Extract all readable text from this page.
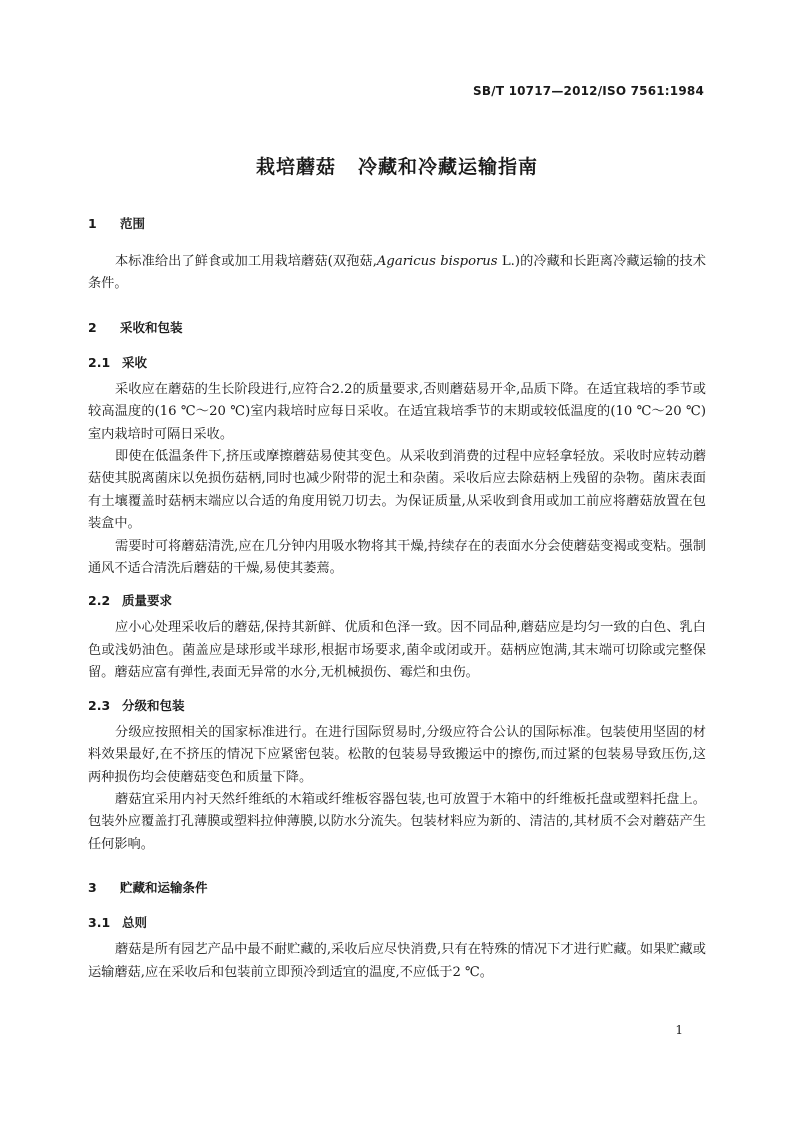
SB/T 10717—2012/ISO 7561:1984
栽培蘑菇 冷藏和冷藏运输指南
1 范围

本标准给出了鲜食或加工用栽培蘑菇(双孢菇,Agaricus bisporus L.)的冷藏和长距离冷藏运输的技术条件。

2 采收和包装
2.1 采收

采收应在蘑菇的生长阶段进行,应符合2.2的质量要求,否则蘑菇易开伞,品质下降。在适宜栽培的季节或较高温度的(16 ℃～20 ℃)室内栽培时应每日采收。在适宜栽培季节的末期或较低温度的(10 ℃～20 ℃)室内栽培时可隔日采收。

即使在低温条件下,挤压或摩擦蘑菇易使其变色。从采收到消费的过程中应轻拿轻放。采收时应转动蘑菇使其脱离菌床以免损伤菇柄,同时也减少附带的泥土和杂菌。采收后应去除菇柄上残留的杂物。菌床表面有土壤覆盖时菇柄末端应以合适的角度用锐刀切去。为保证质量,从采收到食用或加工前应将蘑菇放置在包装盒中。

需要时可将蘑菇清洗,应在几分钟内用吸水物将其干燥,持续存在的表面水分会使蘑菇变褐或变粘。强制通风不适合清洗后蘑菇的干燥,易使其萎蔫。

2.2 质量要求

应小心处理采收后的蘑菇,保持其新鲜、优质和色泽一致。因不同品种,蘑菇应是均匀一致的白色、乳白色或浅奶油色。菌盖应是球形或半球形,根据市场要求,菌伞或闭或开。菇柄应饱满,其末端可切除或完整保留。蘑菇应富有弹性,表面无异常的水分,无机械损伤、霉烂和虫伤。

2.3 分级和包装

分级应按照相关的国家标准进行。在进行国际贸易时,分级应符合公认的国际标准。包装使用坚固的材料效果最好,在不挤压的情况下应紧密包装。松散的包装易导致搬运中的擦伤,而过紧的包装易导致压伤,这两种损伤均会使蘑菇变色和质量下降。

蘑菇宜采用内衬天然纤维纸的木箱或纤维板容器包装,也可放置于木箱中的纤维板托盘或塑料托盘上。包装外应覆盖打孔薄膜或塑料拉伸薄膜,以防水分流失。包装材料应为新的、清洁的,其材质不会对蘑菇产生任何影响。

3 贮藏和运输条件
3.1 总则

蘑菇是所有园艺产品中最不耐贮藏的,采收后应尽快消费,只有在特殊的情况下才进行贮藏。如果贮藏或运输蘑菇,应在采收后和包装前立即预冷到适宜的温度,不应低于2 ℃。

1
